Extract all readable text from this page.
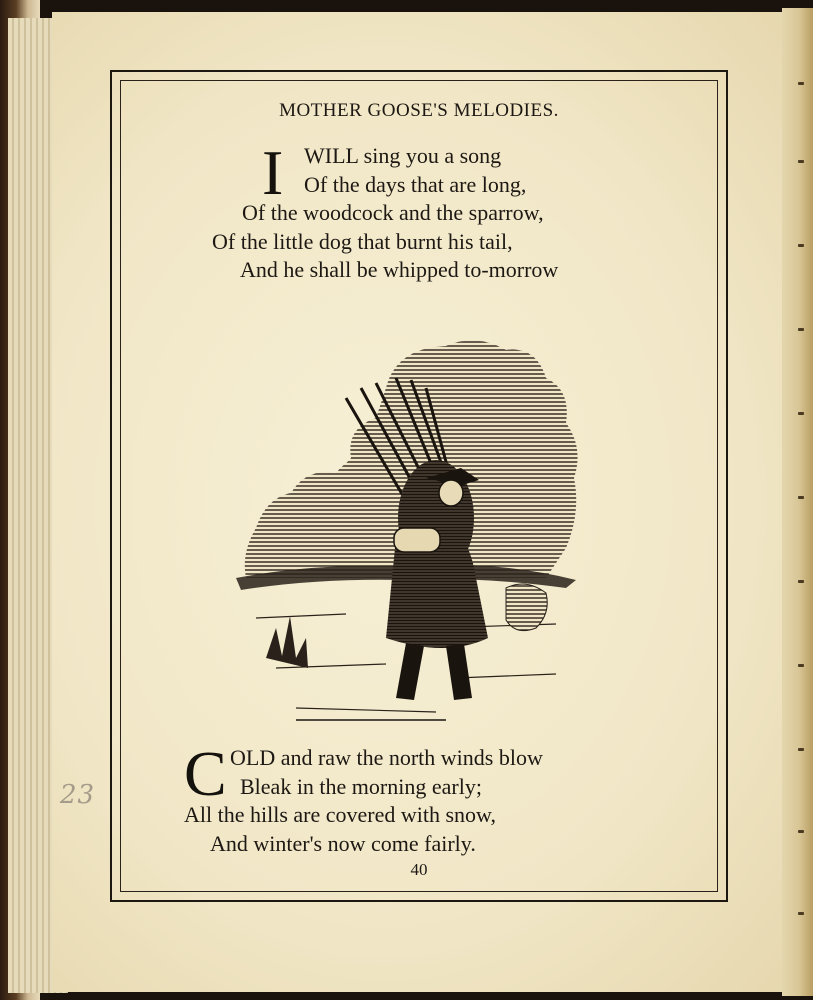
23
MOTHER GOOSE'S MELODIES.
I WILL sing you a song
Of the days that are long,
Of the woodcock and the sparrow,
Of the little dog that burnt his tail,
And he shall be whipped to-morrow
C OLD and raw the north winds blow
Bleak in the morning early;
All the hills are covered with snow,
And winter's now come fairly.
40
